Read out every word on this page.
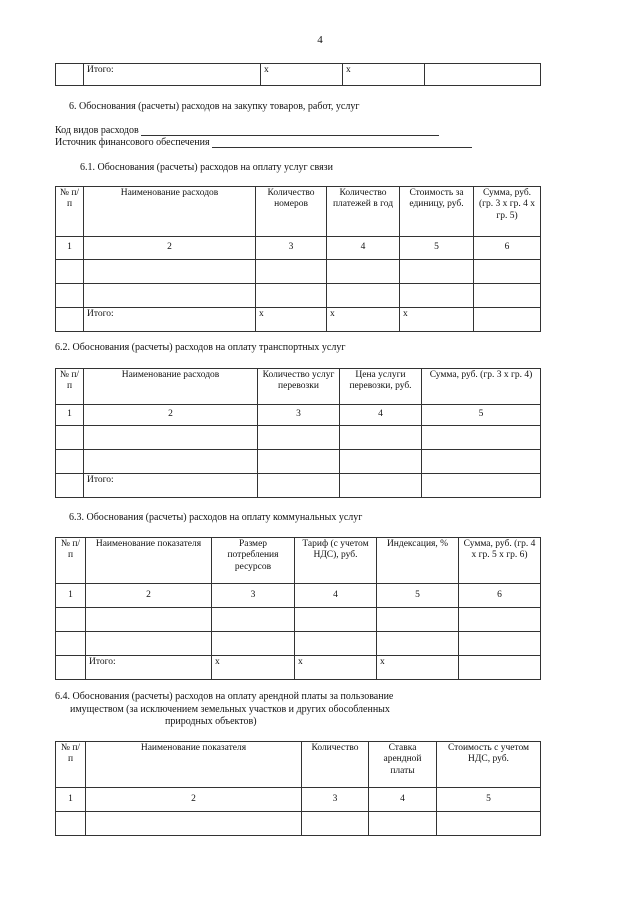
4
	Итого:	x	x	
6. Обоснования (расчеты) расходов на закупку товаров, работ, услуг
Код видов расходов
Источник финансового обеспечения
6.1. Обоснования (расчеты) расходов на оплату услуг связи
№ п/п	Наименование расходов	Количество номеров	Количество платежей в год	Стоимость за единицу, руб.	Сумма, руб. (гр. 3 х гр. 4 х гр. 5)
1	2	3	4	5	6

	Итого:	x	x	x	
6.2. Обоснования (расчеты) расходов на оплату транспортных услуг
№ п/п	Наименование расходов	Количество услуг перевозки	Цена услуги перевозки, руб.	Сумма, руб. (гр. 3 х гр. 4)
1	2	3	4	5

	Итого:			
6.3. Обоснования (расчеты) расходов на оплату коммунальных услуг
№ п/п	Наименование показателя	Размер потребления ресурсов	Тариф (с учетом НДС), руб.	Индексация, %	Сумма, руб. (гр. 4 х гр. 5 х гр. 6)
1	2	3	4	5	6

	Итого:	x	x	x	
6.4. Обоснования (расчеты) расходов на оплату арендной платы за пользование
имуществом (за исключением земельных участков и других обособленных
природных объектов)
№ п/п	Наименование показателя	Количество	Ставка арендной платы	Стоимость с учетом НДС, руб.
1	2	3	4	5
